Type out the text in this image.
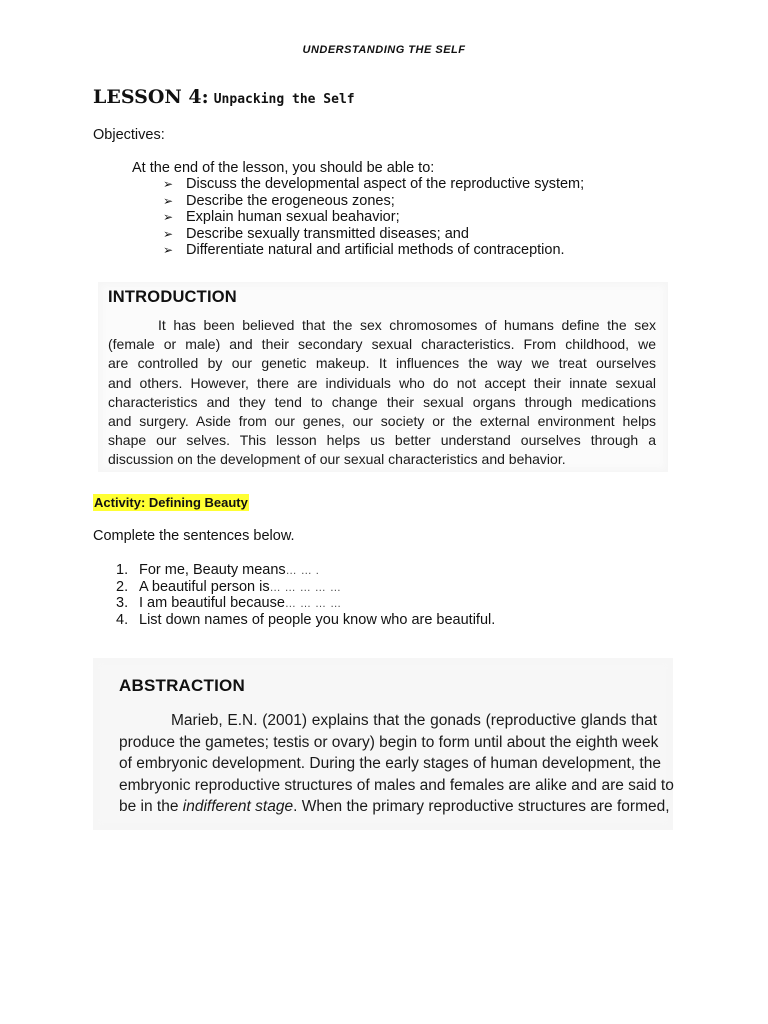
UNDERSTANDING THE SELF
LESSON 4: Unpacking the Self
Objectives:
At the end of the lesson, you should be able to:
➢ Discuss the developmental aspect of the reproductive system;
➢ Describe the erogeneous zones;
➢ Explain human sexual beahavior;
➢ Describe sexually transmitted diseases; and
➢ Differentiate natural and artificial methods of contraception.
INTRODUCTION
It has been believed that the sex chromosomes of humans define the sex
(female or male) and their secondary sexual characteristics. From childhood, we
are controlled by our genetic makeup. It influences the way we treat ourselves
and others. However, there are individuals who do not accept their innate sexual
characteristics and they tend to change their sexual organs through medications
and surgery. Aside from our genes, our society or the external environment helps
shape our selves. This lesson helps us better understand ourselves through a
discussion on the development of our sexual characteristics and behavior.
Activity: Defining Beauty
Complete the sentences below.
1. For me, Beauty means… … .
2. A beautiful person is… … … … …
3. I am beautiful because… … … …
4. List down names of people you know who are beautiful.
ABSTRACTION
Marieb, E.N. (2001) explains that the gonads (reproductive glands that
produce the gametes; testis or ovary) begin to form until about the eighth week
of embryonic development. During the early stages of human development, the
embryonic reproductive structures of males and females are alike and are said to
be in the indifferent stage. When the primary reproductive structures are formed,
